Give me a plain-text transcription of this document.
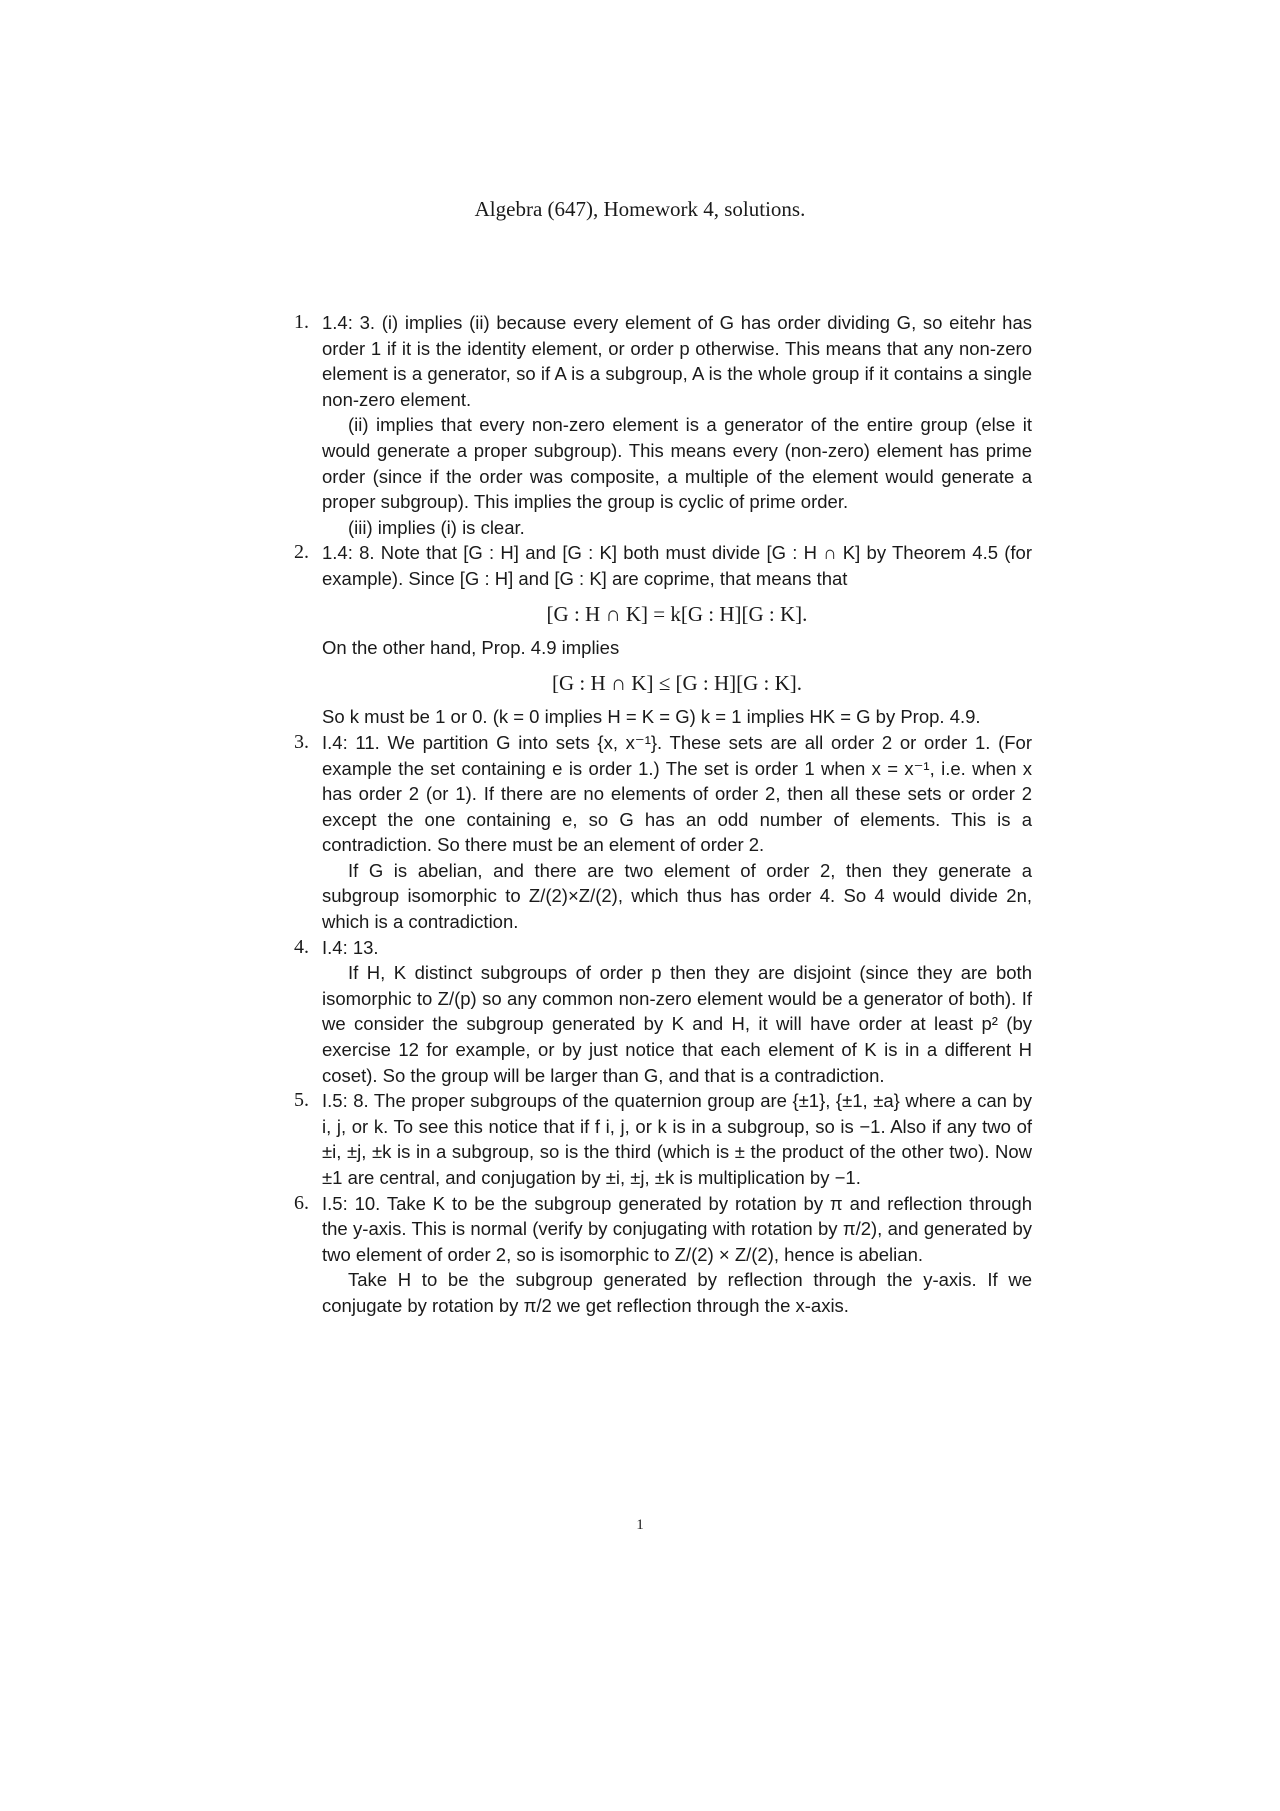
Algebra (647), Homework 4, solutions.
1. 1.4: 3. (i) implies (ii) because every element of G has order dividing G, so eitehr has order 1 if it is the identity element, or order p otherwise. This means that any non-zero element is a generator, so if A is a subgroup, A is the whole group if it contains a single non-zero element.
(ii) implies that every non-zero element is a generator of the entire group (else it would generate a proper subgroup). This means every (non-zero) element has prime order (since if the order was composite, a multiple of the element would generate a proper subgroup). This implies the group is cyclic of prime order.
(iii) implies (i) is clear.
2. 1.4: 8. Note that [G : H] and [G : K] both must divide [G : H ∩ K] by Theorem 4.5 (for example). Since [G : H] and [G : K] are coprime, that means that
[G : H ∩ K] = k[G : H][G : K].
On the other hand, Prop. 4.9 implies
[G : H ∩ K] ≤ [G : H][G : K].
So k must be 1 or 0. (k = 0 implies H = K = G) k = 1 implies HK = G by Prop. 4.9.
3. I.4: 11. We partition G into sets {x, x⁻¹}. These sets are all order 2 or order 1. (For example the set containing e is order 1.) The set is order 1 when x = x⁻¹, i.e. when x has order 2 (or 1). If there are no elements of order 2, then all these sets or order 2 except the one containing e, so G has an odd number of elements. This is a contradiction. So there must be an element of order 2.
If G is abelian, and there are two element of order 2, then they generate a subgroup isomorphic to Z/(2)×Z/(2), which thus has order 4. So 4 would divide 2n, which is a contradiction.
4. I.4: 13.
If H, K distinct subgroups of order p then they are disjoint (since they are both isomorphic to Z/(p) so any common non-zero element would be a generator of both). If we consider the subgroup generated by K and H, it will have order at least p² (by exercise 12 for example, or by just notice that each element of K is in a different H coset). So the group will be larger than G, and that is a contradiction.
5. I.5: 8. The proper subgroups of the quaternion group are {±1}, {±1, ±a} where a can by i, j, or k. To see this notice that if f i, j, or k is in a subgroup, so is −1. Also if any two of ±i, ±j, ±k is in a subgroup, so is the third (which is ± the product of the other two). Now ±1 are central, and conjugation by ±i, ±j, ±k is multiplication by −1.
6. I.5: 10. Take K to be the subgroup generated by rotation by π and reflection through the y-axis. This is normal (verify by conjugating with rotation by π/2), and generated by two element of order 2, so is isomorphic to Z/(2) × Z/(2), hence is abelian.
Take H to be the subgroup generated by reflection through the y-axis. If we conjugate by rotation by π/2 we get reflection through the x-axis.
1
